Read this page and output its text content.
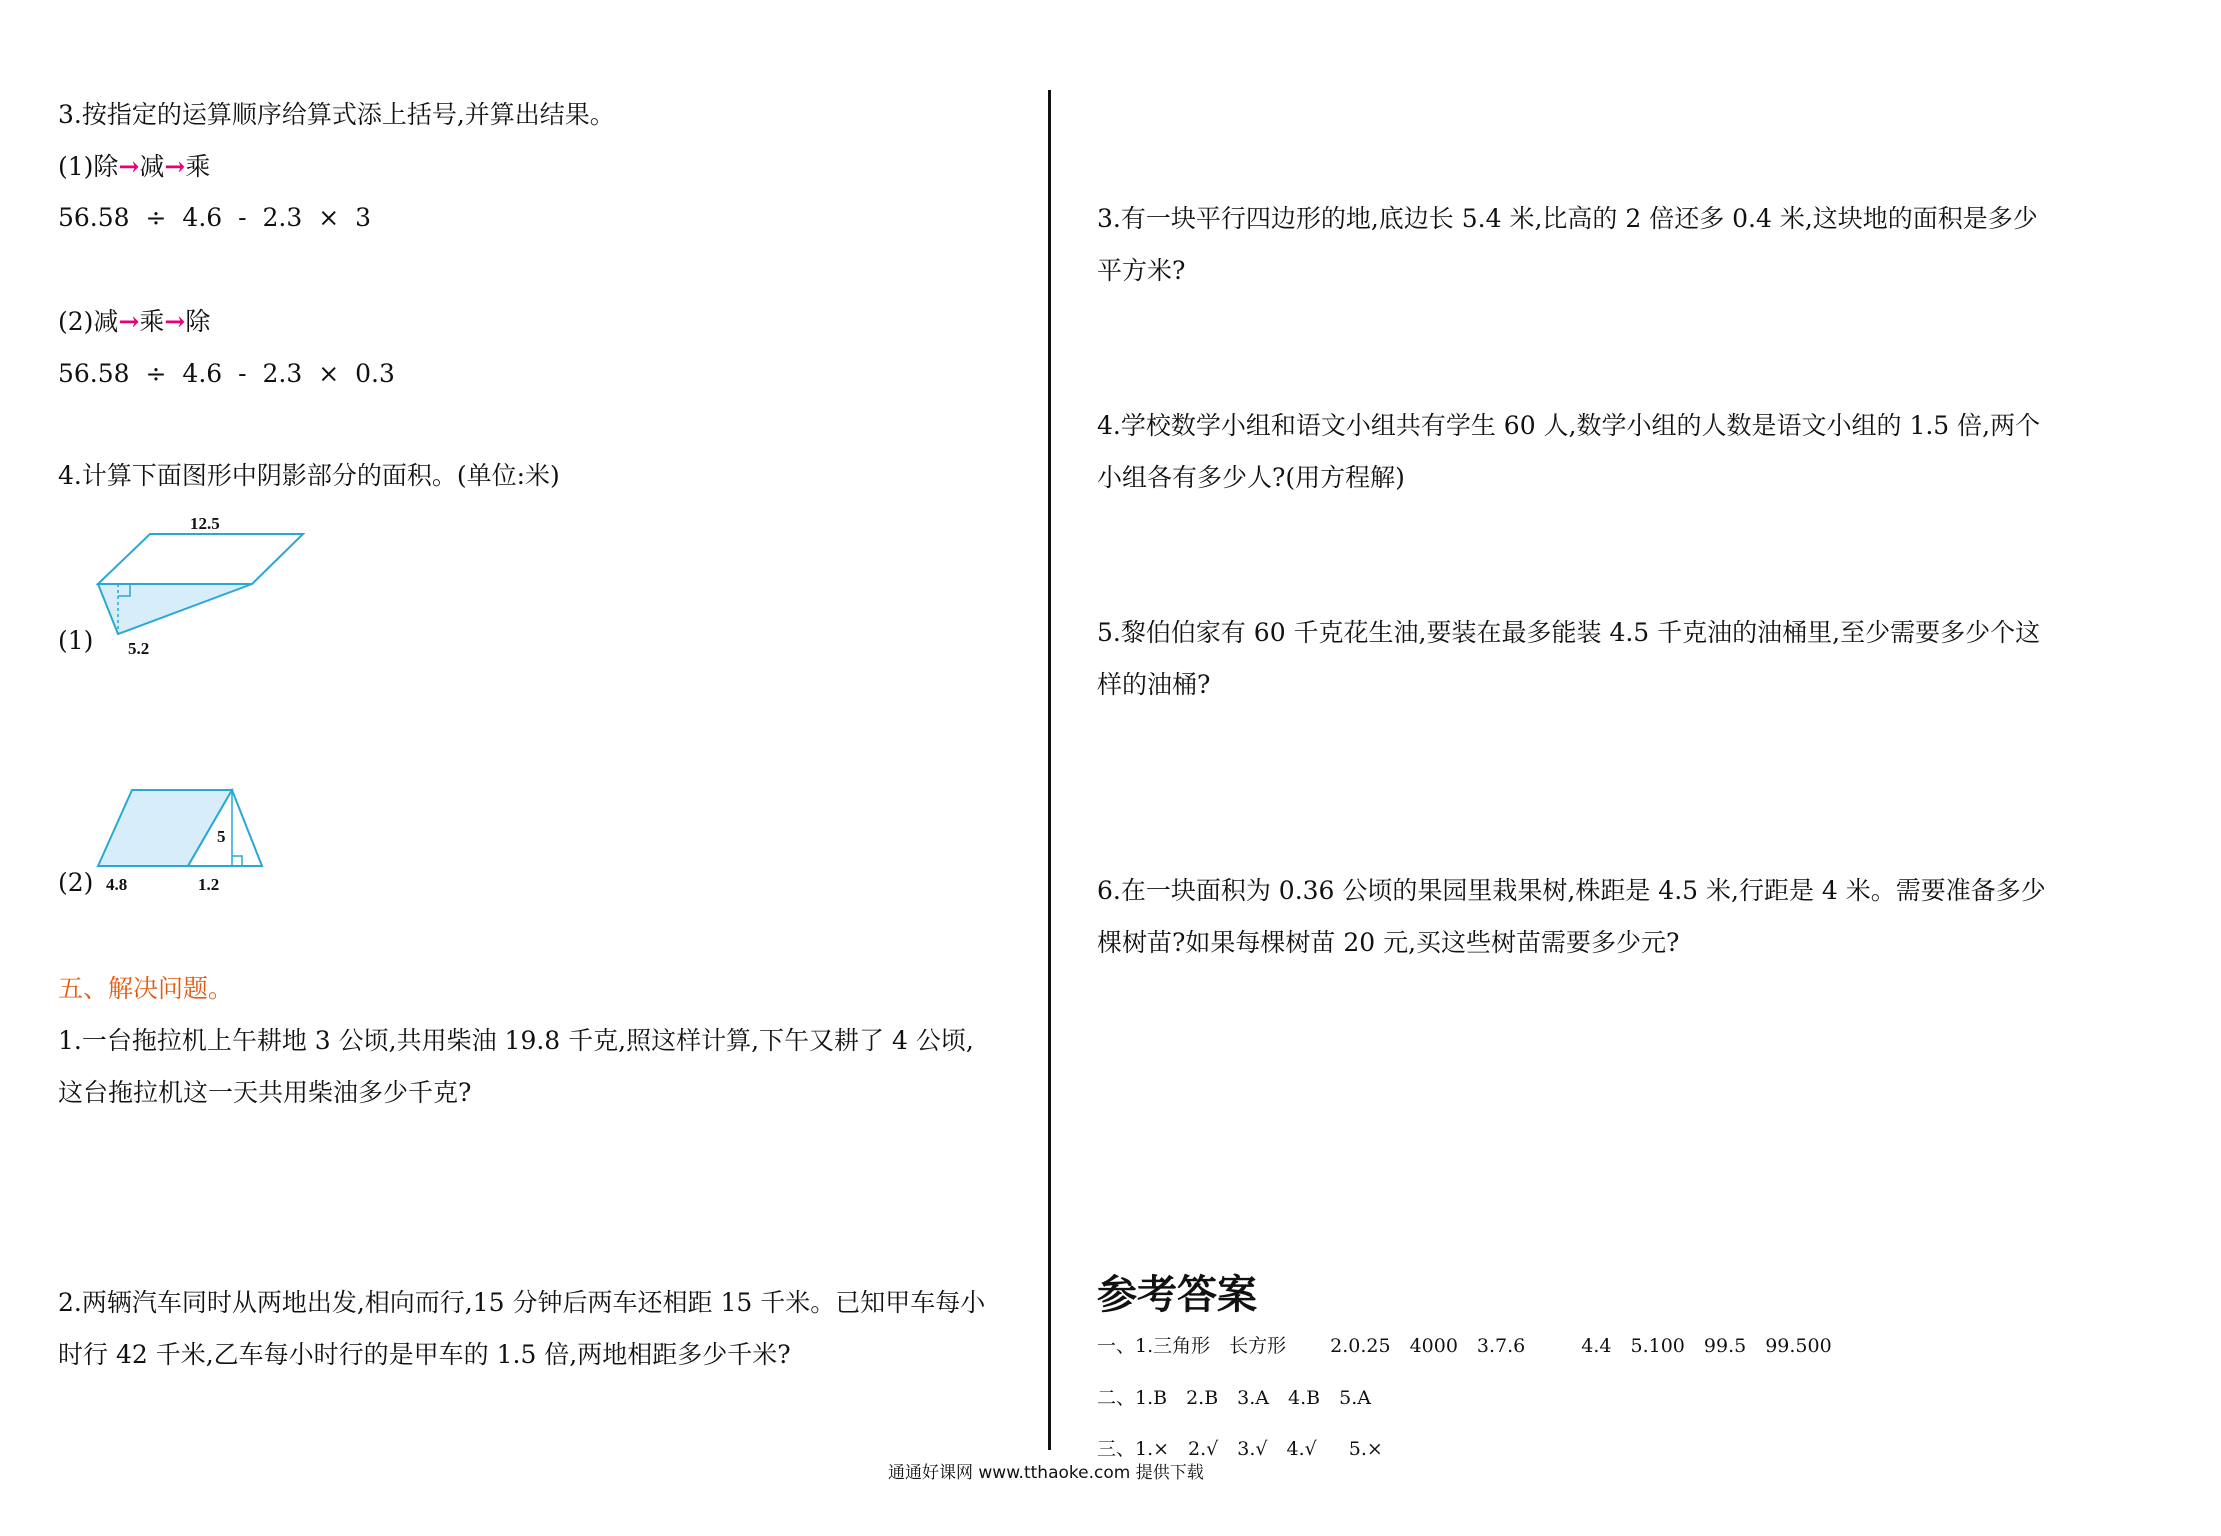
3.按指定的运算顺序给算式添上括号,并算出结果。
(1)除→减→乘
56.58 ÷ 4.6 - 2.3 × 3
(2)减→乘→除
56.58 ÷ 4.6 - 2.3 × 0.3
4.计算下面图形中阴影部分的面积。(单位:米)
(1)
12.5
5.2
(2)
5
4.8	1.2
五、解决问题。
1.一台拖拉机上午耕地 3 公顷,共用柴油 19.8 千克,照这样计算,下午又耕了 4 公顷,
这台拖拉机这一天共用柴油多少千克?
2.两辆汽车同时从两地出发,相向而行,15 分钟后两车还相距 15 千米。已知甲车每小
时行 42 千米,乙车每小时行的是甲车的 1.5 倍,两地相距多少千米?
3.有一块平行四边形的地,底边长 5.4 米,比高的 2 倍还多 0.4 米,这块地的面积是多少
平方米?
4.学校数学小组和语文小组共有学生 60 人,数学小组的人数是语文小组的 1.5 倍,两个
小组各有多少人?(用方程解)
5.黎伯伯家有 60 千克花生油,要装在最多能装 4.5 千克油的油桶里,至少需要多少个这
样的油桶?
6.在一块面积为 0.36 公顷的果园里栽果树,株距是 4.5 米,行距是 4 米。需要准备多少
棵树苗?如果每棵树苗 20 元,买这些树苗需要多少元?
参考答案
一、1.三角形　长方形 2.0.25　4000　3.7.6	4.4　5.100　99.5　99.500
二、1.B　2.B　3.A　4.B　5.A
三、1.×　2.√　3.√　4.√ 5.×
通通好课网 www.tthaoke.com 提供下载
